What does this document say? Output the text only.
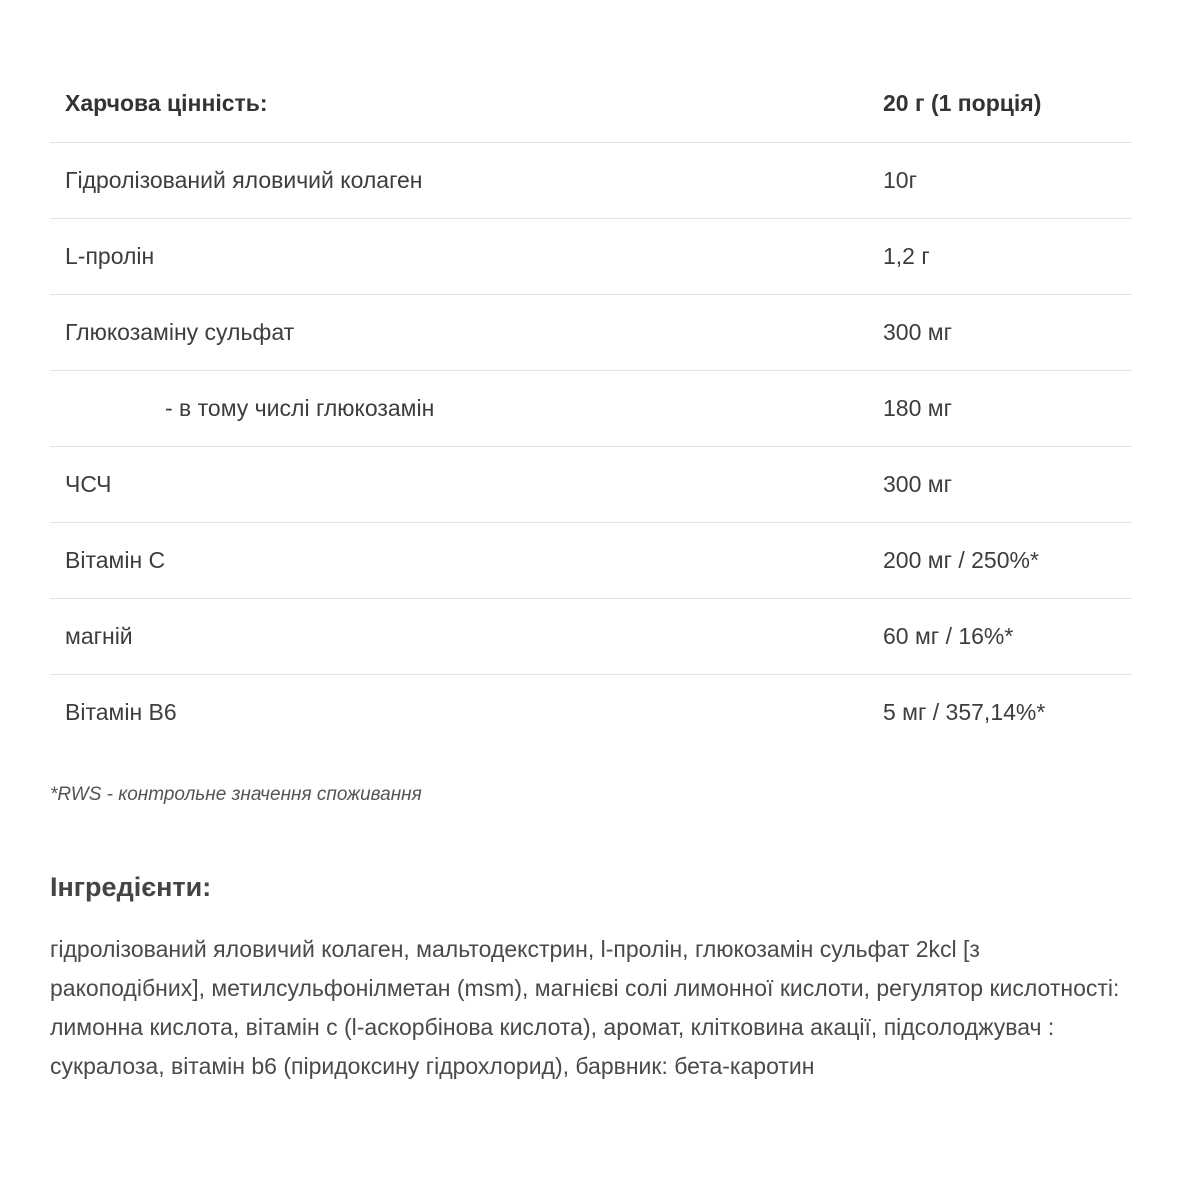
Харчова цінність:	20 г (1 порція)
Гідролізований яловичий колаген	10г
L-пролін	1,2 г
Глюкозаміну сульфат	300 мг
- в тому числі глюкозамін	180 мг
ЧСЧ	300 мг
Вітамін С	200 мг / 250%*
магній	60 мг / 16%*
Вітамін В6	5 мг / 357,14%*

*RWS - контрольне значення споживання

Інгредієнти:

гідролізований яловичий колаген, мальтодекстрин, l-пролін, глюкозамін сульфат 2kcl [з ракоподібних], метилсульфонілметан (msm), магнієві солі лимонної кислоти, регулятор кислотності: лимонна кислота, вітамін с (l-аскорбінова кислота), аромат, клітковина акації, підсолоджувач : сукралоза, вітамін b6 (піридоксину гідрохлорид), барвник: бета-каротин
